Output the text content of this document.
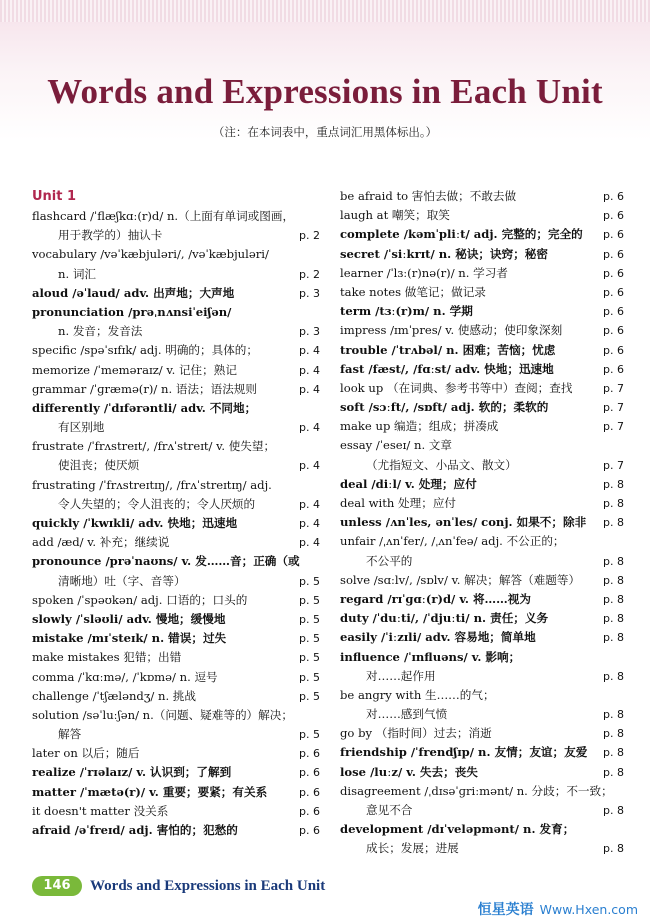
Words and Expressions in Each Unit

（注：在本词表中，重点词汇用黑体标出。）

Unit 1
flashcard /ˈflæʃkɑː(r)d/ n.（上面有单词或图画，
用于教学的）抽认卡	p. 2
vocabulary /vəˈkæbjuləri/, /vəˈkæbjuləri/
n. 词汇	p. 2
aloud /əˈlaud/ adv. 出声地；大声地	p. 3
pronunciation /prəˌnʌnsiˈeiʃən/
n. 发音；发音法	p. 3
specific /spəˈsɪfɪk/ adj. 明确的；具体的；	p. 4
memorize /ˈmeməraɪz/ v. 记住；熟记	p. 4
grammar /ˈɡræmə(r)/ n. 语法；语法规则	p. 4
differently /ˈdɪfərəntli/ adv. 不同地；
有区别地	p. 4
frustrate /ˈfrʌstreɪt/, /frʌˈstreɪt/ v. 使失望；
使沮丧；使厌烦	p. 4
frustrating /ˈfrʌstreɪtɪŋ/, /frʌˈstreɪtɪŋ/ adj.
令人失望的；令人沮丧的；令人厌烦的	p. 4
quickly /ˈkwɪkli/ adv. 快地；迅速地	p. 4
add /æd/ v. 补充；继续说	p. 4
pronounce /prəˈnaʊns/ v. 发……音；正确（或
清晰地）吐（字、音等）	p. 5
spoken /ˈspəʊkən/ adj. 口语的；口头的	p. 5
slowly /ˈsləʊli/ adv. 慢地；缓慢地	p. 5
mistake /mɪˈsteɪk/ n. 错误；过失	p. 5
make mistakes 犯错；出错	p. 5
comma /ˈkɑːmə/, /ˈkɒmə/ n. 逗号	p. 5
challenge /ˈtʃæləndʒ/ n. 挑战	p. 5
solution /səˈluːʃən/ n.（问题、疑难等的）解决；
解答	p. 5
later on 以后；随后	p. 6
realize /ˈrɪəlaɪz/ v. 认识到；了解到	p. 6
matter /ˈmætə(r)/ v. 重要；要紧；有关系	p. 6
it doesn't matter 没关系	p. 6
afraid /əˈfreɪd/ adj. 害怕的；犯愁的	p. 6
be afraid to 害怕去做；不敢去做	p. 6
laugh at 嘲笑；取笑	p. 6
complete /kəmˈpliːt/ adj. 完整的；完全的 p. 6
secret /ˈsiːkrɪt/ n. 秘诀；诀窍；秘密	p. 6
learner /ˈlɜː(r)nə(r)/ n. 学习者	p. 6
take notes 做笔记；做记录	p. 6
term /tɜː(r)m/ n. 学期	p. 6
impress /ɪmˈpres/ v. 使感动；使印象深刻	p. 6
trouble /ˈtrʌbəl/ n. 困难；苦恼；忧虑	p. 6
fast /fæst/, /fɑːst/ adv. 快地；迅速地	p. 6
look up （在词典、参考书等中）查阅；查找	p. 7
soft /sɔːft/, /sɒft/ adj. 软的；柔软的	p. 7
make up 编造；组成；拼凑成	p. 7
essay /ˈeseɪ/ n. 文章
（尤指短文、小品文、散文）	p. 7
deal /diːl/ v. 处理；应付	p. 8
deal with 处理；应付	p. 8
unless /ʌnˈles, ənˈles/ conj. 如果不；除非 p. 8
unfair /ˌʌnˈfer/, /ˌʌnˈfeə/ adj. 不公正的；
不公平的	p. 8
solve /sɑːlv/, /sɒlv/ v. 解决；解答（难题等） p. 8
regard /rɪˈɡɑː(r)d/ v. 将……视为	p. 8
duty /ˈduːti/, /ˈdjuːti/ n. 责任；义务	p. 8
easily /ˈiːzɪli/ adv. 容易地；简单地	p. 8
influence /ˈɪnfluəns/ v. 影响；
对……起作用	p. 8
be angry with 生……的气；
对……感到气愤	p. 8
go by （指时间）过去；消逝	p. 8
friendship /ˈfrendʃɪp/ n. 友情；友谊；友爱 p. 8
lose /luːz/ v. 失去；丧失	p. 8
disagreement /ˌdɪsəˈɡriːmənt/ n. 分歧；不一致；
意见不合	p. 8
development /dɪˈveləpmənt/ n. 发育；
成长；发展；进展	p. 8
146	Words and Expressions in Each Unit
恒星英语 Www.Hxen.com
